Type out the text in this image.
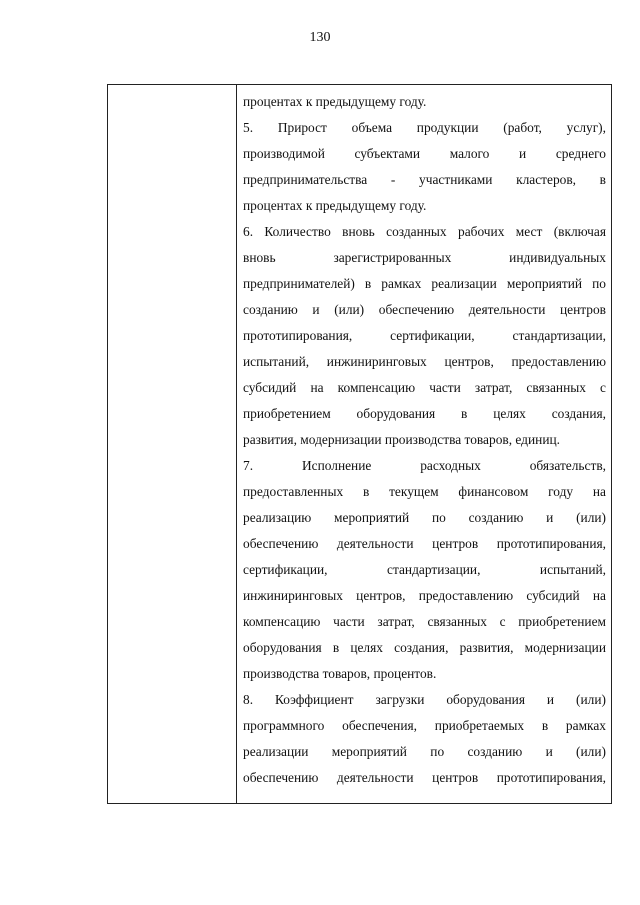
130
процентах к предыдущему году.
5. Прирост объема продукции (работ, услуг),
производимой субъектами малого и среднего
предпринимательства - участниками кластеров, в
процентах к предыдущему году.
6. Количество вновь созданных рабочих мест (включая
вновь зарегистрированных индивидуальных
предпринимателей) в рамках реализации мероприятий по
созданию и (или) обеспечению деятельности центров
прототипирования, сертификации, стандартизации,
испытаний, инжиниринговых центров, предоставлению
субсидий на компенсацию части затрат, связанных с
приобретением оборудования в целях создания,
развития, модернизации производства товаров, единиц.
7. Исполнение расходных обязательств,
предоставленных в текущем финансовом году на
реализацию мероприятий по созданию и (или)
обеспечению деятельности центров прототипирования,
сертификации, стандартизации, испытаний,
инжиниринговых центров, предоставлению субсидий на
компенсацию части затрат, связанных с приобретением
оборудования в целях создания, развития, модернизации
производства товаров, процентов.
8. Коэффициент загрузки оборудования и (или)
программного обеспечения, приобретаемых в рамках
реализации мероприятий по созданию и (или)
обеспечению деятельности центров прототипирования,
